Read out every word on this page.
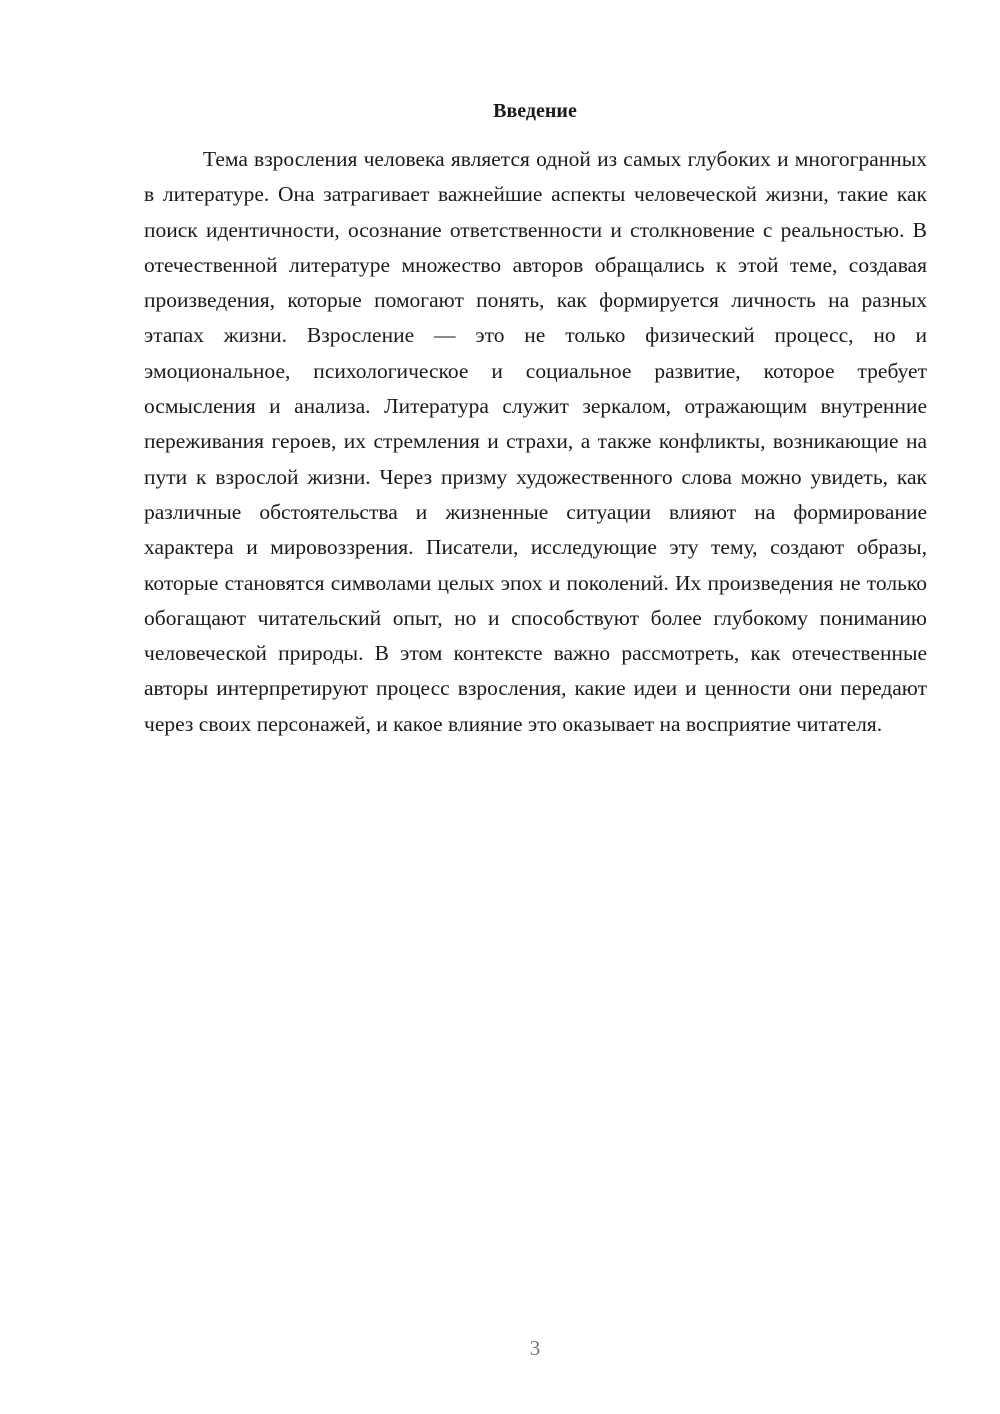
Введение

Тема взросления человека является одной из самых глубоких и многогранных в литературе. Она затрагивает важнейшие аспекты человеческой жизни, такие как поиск идентичности, осознание ответственности и столкновение с реальностью. В отечественной литературе множество авторов обращались к этой теме, создавая произведения, которые помогают понять, как формируется личность на разных этапах жизни. Взросление — это не только физический процесс, но и эмоциональное, психологическое и социальное развитие, которое требует осмысления и анализа. Литература служит зеркалом, отражающим внутренние переживания героев, их стремления и страхи, а также конфликты, возникающие на пути к взрослой жизни. Через призму художественного слова можно увидеть, как различные обстоятельства и жизненные ситуации влияют на формирование характера и мировоззрения. Писатели, исследующие эту тему, создают образы, которые становятся символами целых эпох и поколений. Их произведения не только обогащают читательский опыт, но и способствуют более глубокому пониманию человеческой природы. В этом контексте важно рассмотреть, как отечественные авторы интерпретируют процесс взросления, какие идеи и ценности они передают через своих персонажей, и какое влияние это оказывает на восприятие читателя.

3
